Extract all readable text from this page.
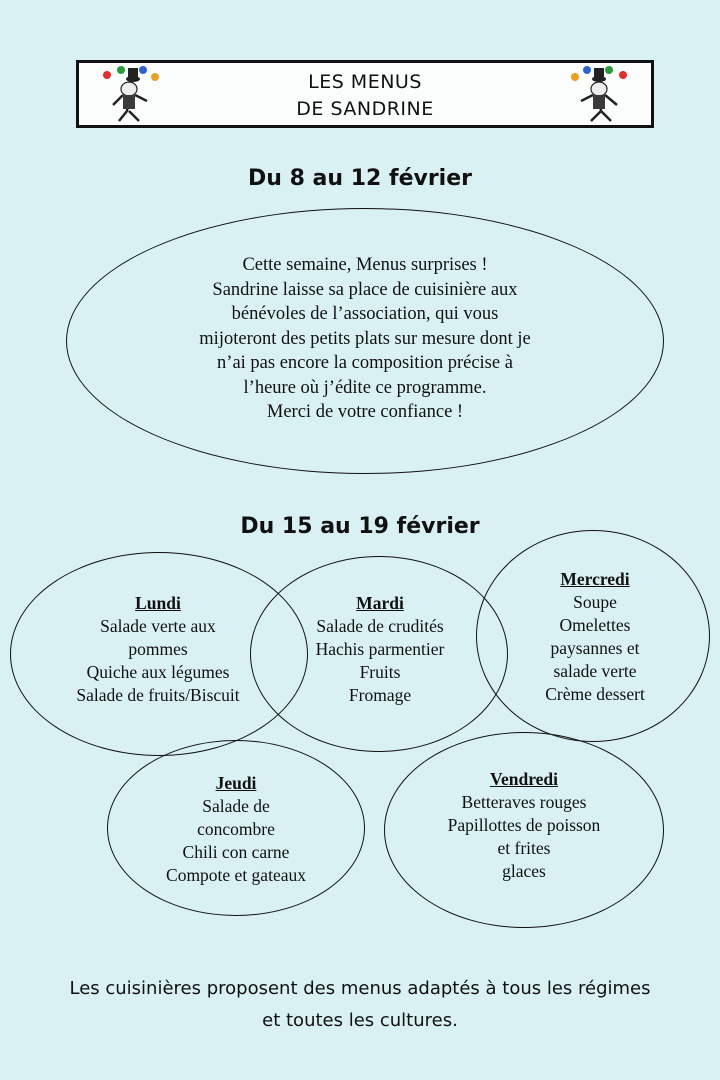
LES MENUS
DE SANDRINE
Du 8 au 12 février
Cette semaine, Menus surprises !
Sandrine laisse sa place de cuisinière aux
bénévoles de l’association, qui vous
mijoteront des petits plats sur mesure dont je
n’ai pas encore la composition précise à
l’heure où j’édite ce programme.
Merci de votre confiance !
Du 15 au 19 février
Lundi
Salade verte aux
pommes
Quiche aux légumes
Salade de fruits/Biscuit
Mardi
Salade de crudités
Hachis parmentier
Fruits
Fromage
Mercredi
Soupe
Omelettes
paysannes et
salade verte
Crème dessert
Jeudi
Salade de
concombre
Chili con carne
Compote et gateaux
Vendredi
Betteraves rouges
Papillottes de poisson
et frites
glaces
Les cuisinières proposent des menus adaptés à tous les régimes
et toutes les cultures.
